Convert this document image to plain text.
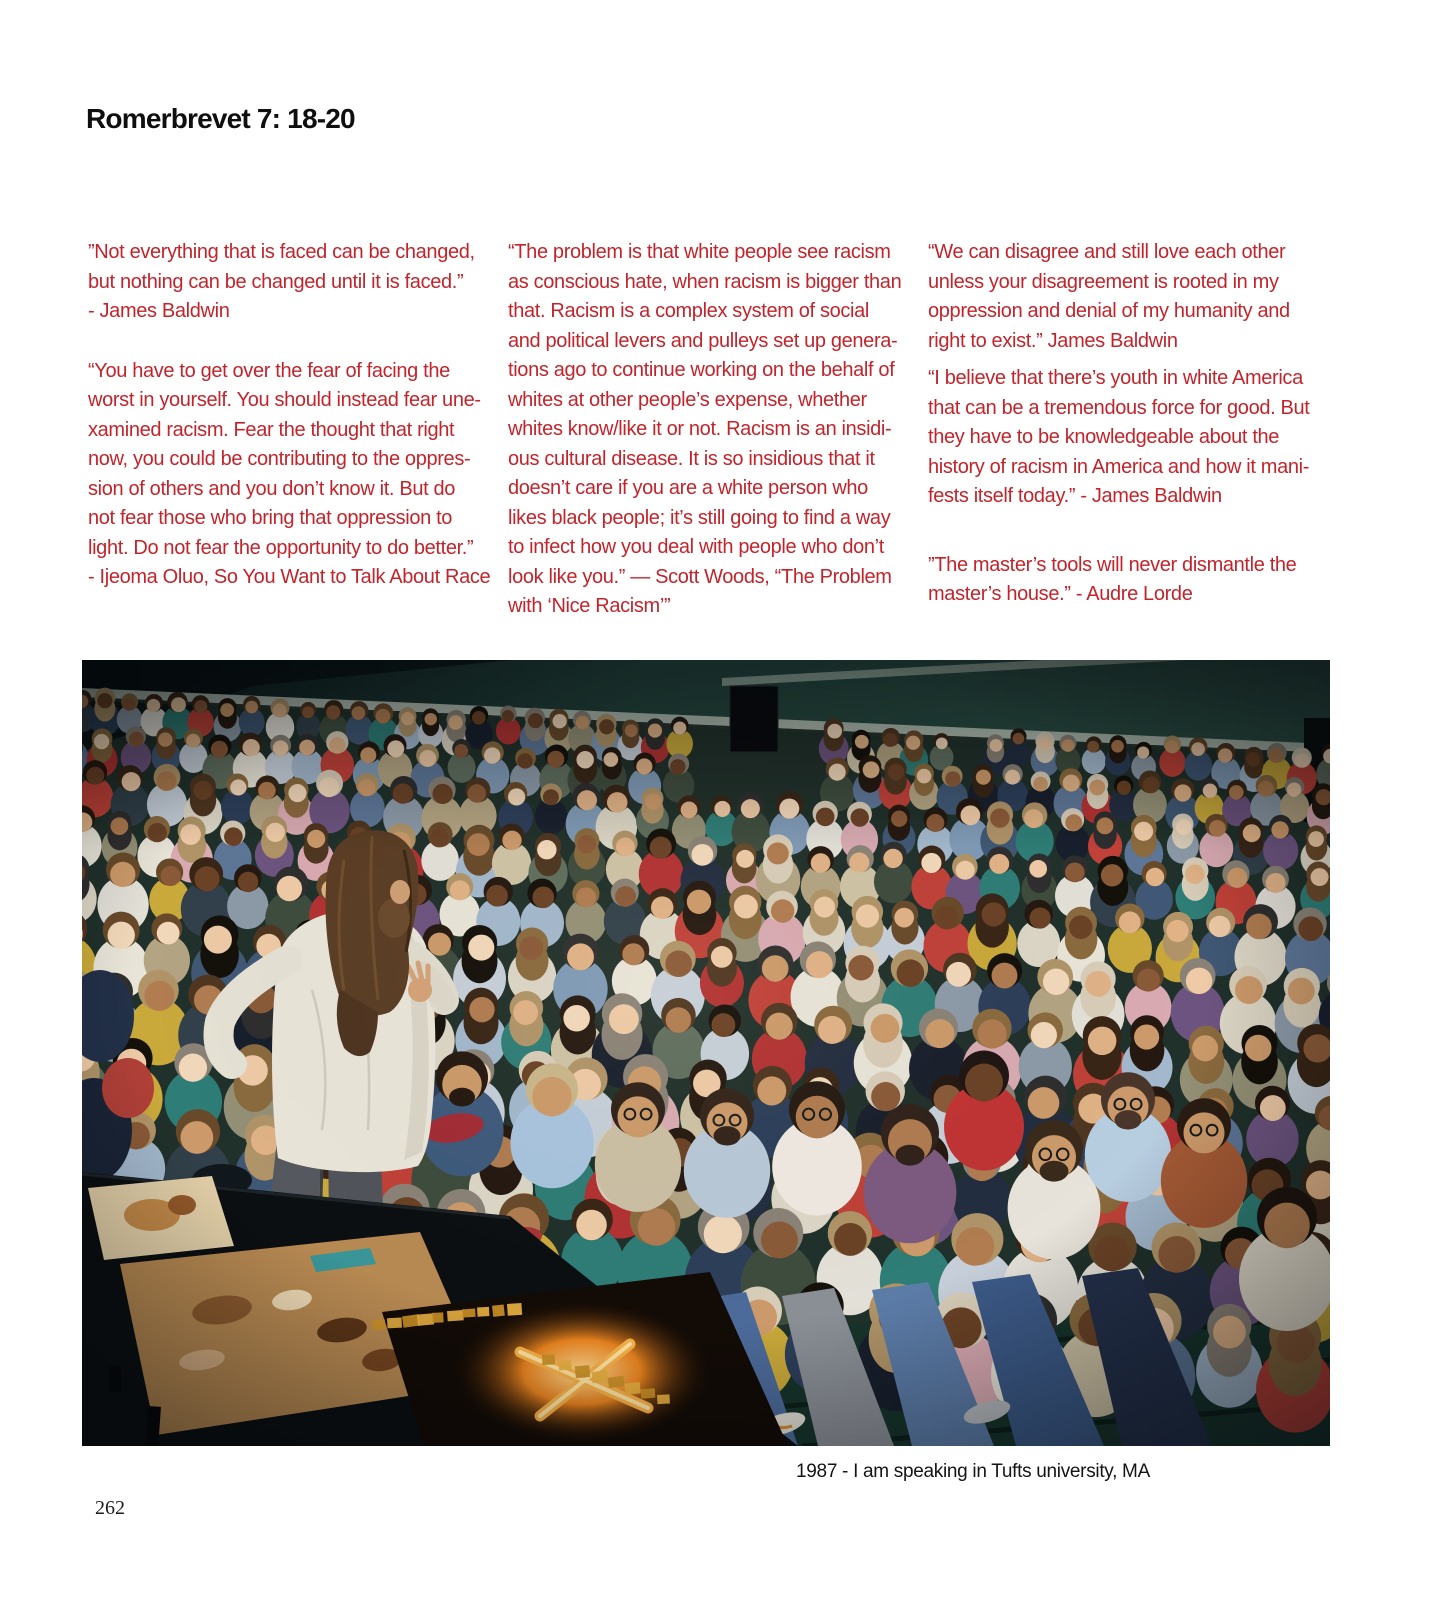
Romerbrevet 7: 18-20
”Not everything that is faced can be changed,
but nothing can be changed until it is faced.”
- James Baldwin
“You have to get over the fear of facing the
worst in yourself. You should instead fear une-
xamined racism. Fear the thought that right
now, you could be contributing to the oppres-
sion of others and you don’t know it. But do
not fear those who bring that oppression to
light. Do not fear the opportunity to do better.”
- Ijeoma Oluo, So You Want to Talk About Race
“The problem is that white people see racism
as conscious hate, when racism is bigger than
that. Racism is a complex system of social
and political levers and pulleys set up genera-
tions ago to continue working on the behalf of
whites at other people’s expense, whether
whites know/like it or not. Racism is an insidi-
ous cultural disease. It is so insidious that it
doesn’t care if you are a white person who
likes black people; it’s still going to find a way
to infect how you deal with people who don’t
look like you.” — Scott Woods, “The Problem
with ‘Nice Racism’”
“We can disagree and still love each other
unless your disagreement is rooted in my
oppression and denial of my humanity and
right to exist.” James Baldwin
“I believe that there’s youth in white America
that can be a tremendous force for good. But
they have to be knowledgeable about the
history of racism in America and how it mani-
fests itself today.” - James Baldwin
”The master’s tools will never dismantle the
master’s house.” - Audre Lorde
1987 - I am speaking in Tufts university, MA
262
